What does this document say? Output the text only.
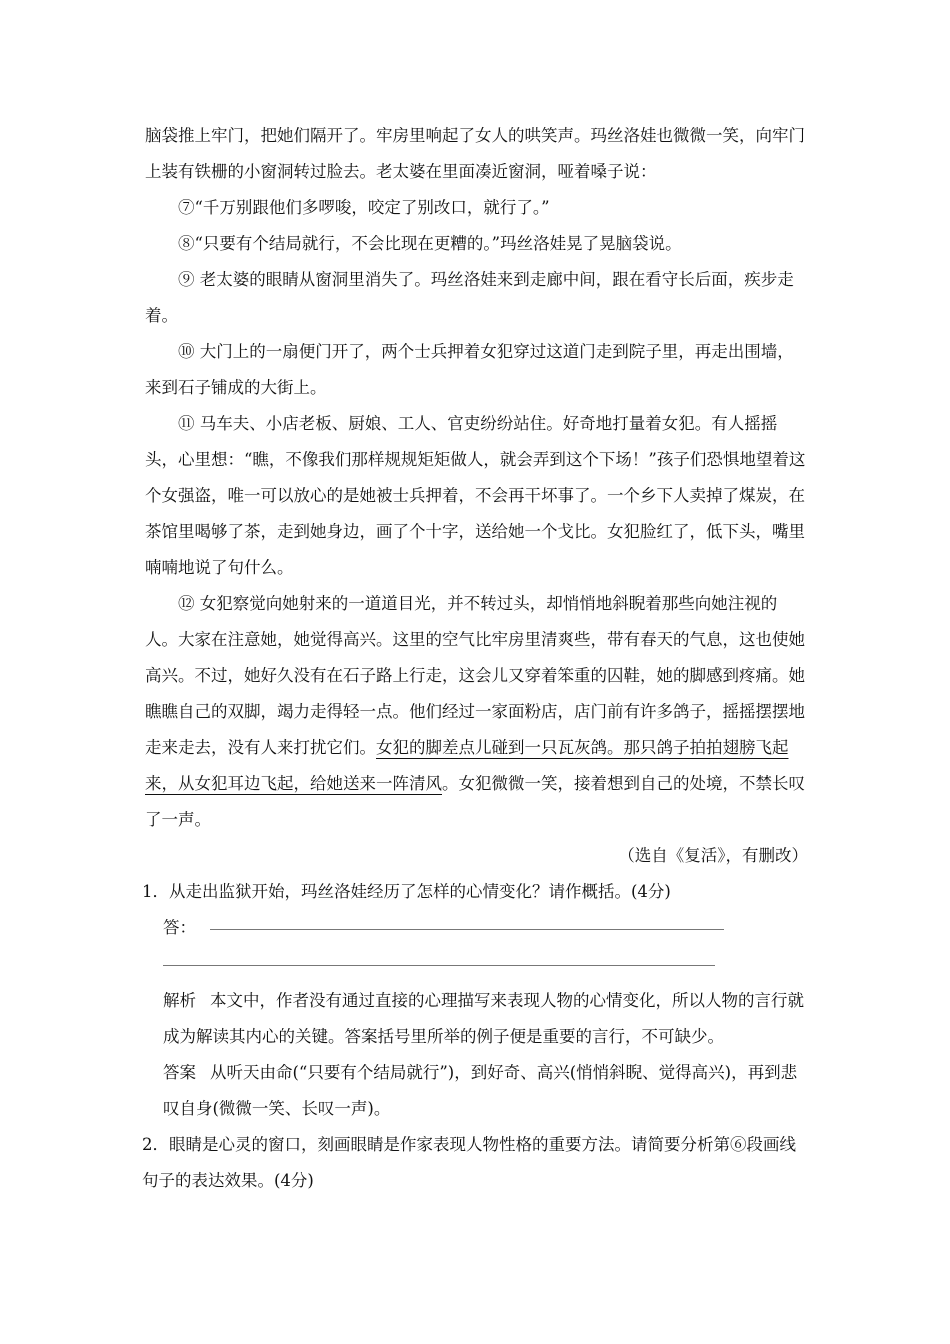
脑袋推上牢门，把她们隔开了。牢房里响起了女人的哄笑声。玛丝洛娃也微微一笑，向牢门上装有铁栅的小窗洞转过脸去。老太婆在里面凑近窗洞，哑着嗓子说：

⑦“千万别跟他们多啰唆，咬定了别改口，就行了。”

⑧“只要有个结局就行，不会比现在更糟的。”玛丝洛娃晃了晃脑袋说。

⑨ 老太婆的眼睛从窗洞里消失了。玛丝洛娃来到走廊中间，跟在看守长后面，疾步走着。

⑩ 大门上的一扇便门开了，两个士兵押着女犯穿过这道门走到院子里，再走出围墙，来到石子铺成的大街上。

⑪ 马车夫、小店老板、厨娘、工人、官吏纷纷站住。好奇地打量着女犯。有人摇摇头，心里想：“瞧，不像我们那样规规矩矩做人，就会弄到这个下场！”孩子们恐惧地望着这个女强盗，唯一可以放心的是她被士兵押着，不会再干坏事了。一个乡下人卖掉了煤炭，在茶馆里喝够了茶，走到她身边，画了个十字，送给她一个戈比。女犯脸红了，低下头，嘴里喃喃地说了句什么。

⑫ 女犯察觉向她射来的一道道目光，并不转过头，却悄悄地斜睨着那些向她注视的人。大家在注意她，她觉得高兴。这里的空气比牢房里清爽些，带有春天的气息，这也使她高兴。不过，她好久没有在石子路上行走，这会儿又穿着笨重的囚鞋，她的脚感到疼痛。她瞧瞧自己的双脚，竭力走得轻一点。他们经过一家面粉店，店门前有许多鸽子，摇摇摆摆地走来走去，没有人来打扰它们。女犯的脚差点儿碰到一只瓦灰鸽。那只鸽子拍拍翅膀飞起来，从女犯耳边飞起，给她送来一阵清风。女犯微微一笑，接着想到自己的处境，不禁长叹了一声。

（选自《复活》，有删改）

1．从走出监狱开始，玛丝洛娃经历了怎样的心情变化？请作概括。(4分)

答：

解析 本文中，作者没有通过直接的心理描写来表现人物的心情变化，所以人物的言行就成为解读其内心的关键。答案括号里所举的例子便是重要的言行，不可缺少。

答案 从听天由命(“只要有个结局就行”)，到好奇、高兴(悄悄斜睨、觉得高兴)，再到悲叹自身(微微一笑、长叹一声)。

2．眼睛是心灵的窗口，刻画眼睛是作家表现人物性格的重要方法。请简要分析第⑥段画线句子的表达效果。(4分)
